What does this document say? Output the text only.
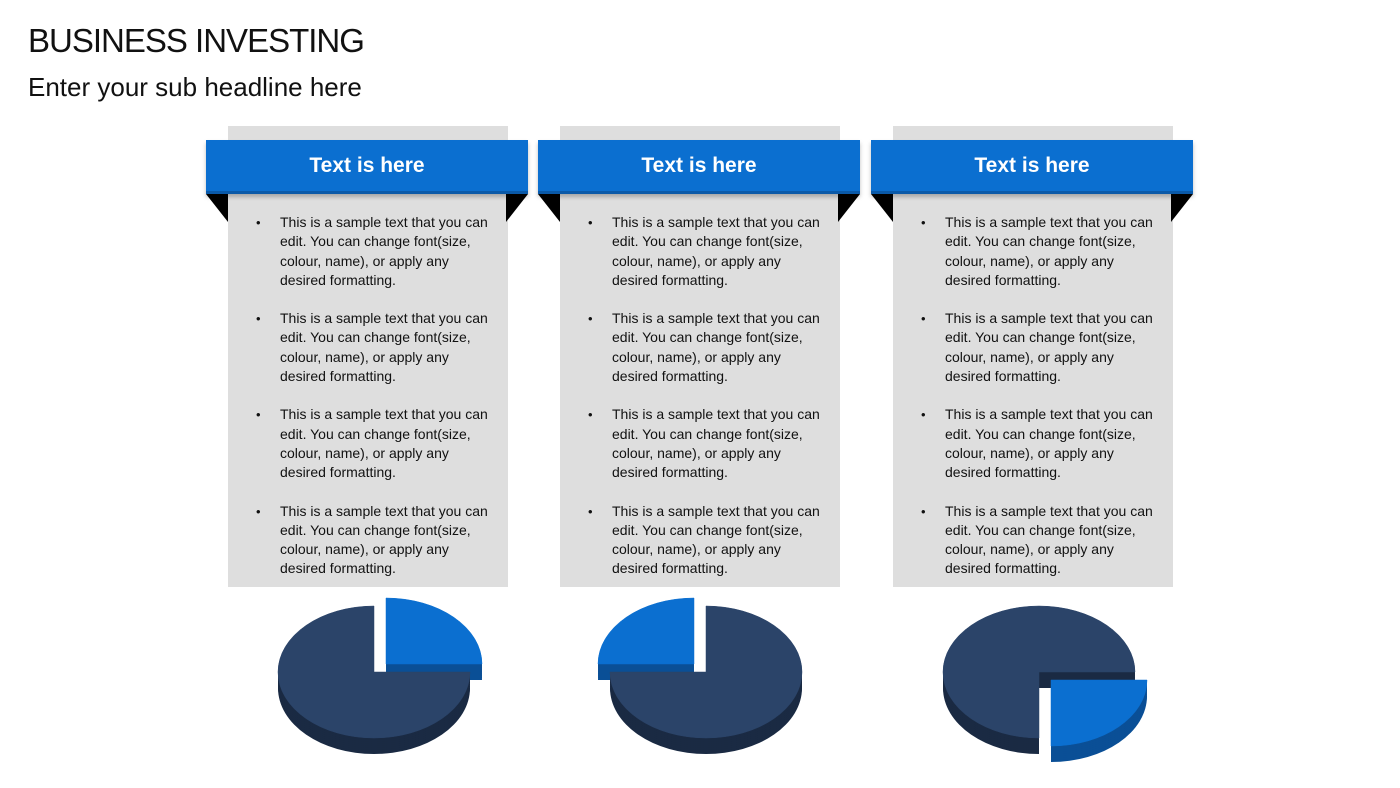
BUSINESS INVESTING
Enter your sub headline here
Text is here
• This is a sample text that you can edit. You can change font(size, colour, name), or apply any desired formatting.
• This is a sample text that you can edit. You can change font(size, colour, name), or apply any desired formatting.
• This is a sample text that you can edit. You can change font(size, colour, name), or apply any desired formatting.
• This is a sample text that you can edit. You can change font(size, colour, name), or apply any desired formatting.
Text is here
• This is a sample text that you can edit. You can change font(size, colour, name), or apply any desired formatting.
• This is a sample text that you can edit. You can change font(size, colour, name), or apply any desired formatting.
• This is a sample text that you can edit. You can change font(size, colour, name), or apply any desired formatting.
• This is a sample text that you can edit. You can change font(size, colour, name), or apply any desired formatting.
Text is here
• This is a sample text that you can edit. You can change font(size, colour, name), or apply any desired formatting.
• This is a sample text that you can edit. You can change font(size, colour, name), or apply any desired formatting.
• This is a sample text that you can edit. You can change font(size, colour, name), or apply any desired formatting.
• This is a sample text that you can edit. You can change font(size, colour, name), or apply any desired formatting.
